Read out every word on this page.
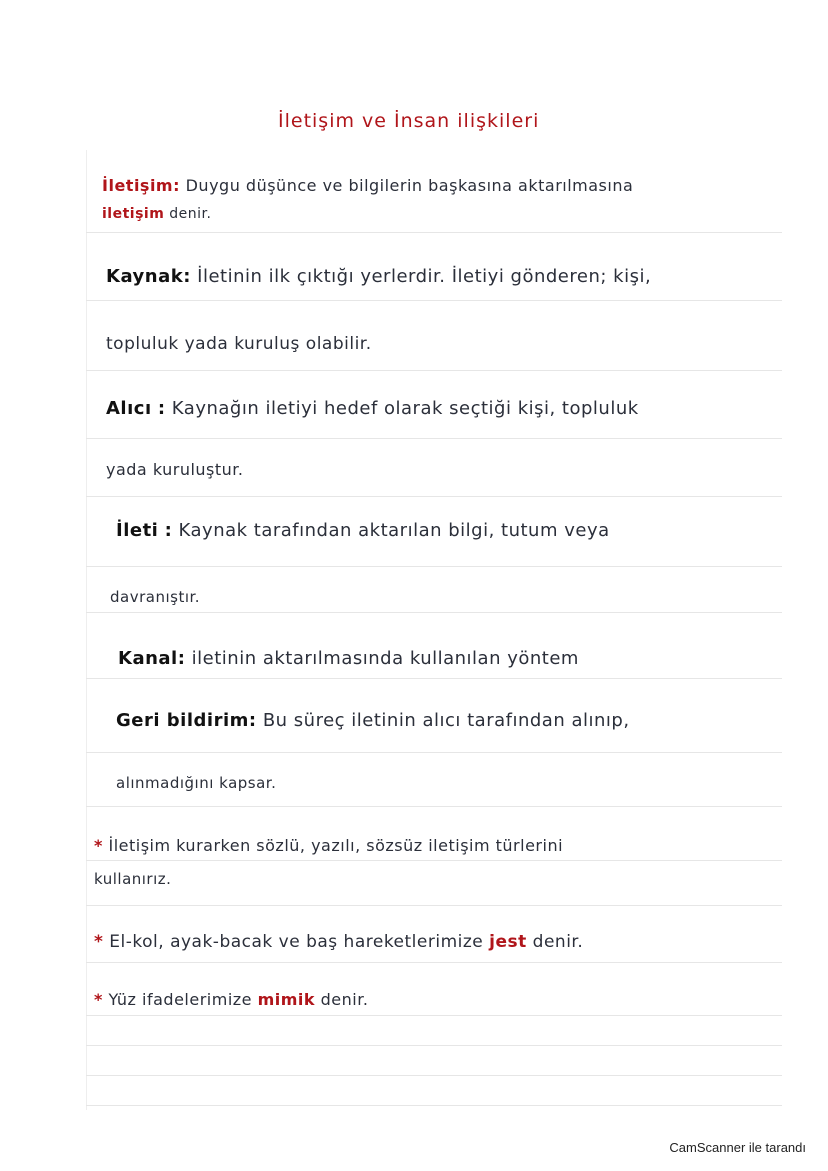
İletişim ve İnsan ilişkileri
İletişim: Duygu düşünce ve bilgilerin başkasına aktarılmasına
iletişim denir.
Kaynak: İletinin ilk çıktığı yerlerdir. İletiyi gönderen; kişi,
topluluk yada kuruluş olabilir.
Alıcı : Kaynağın iletiyi hedef olarak seçtiği kişi, topluluk
yada kuruluştur.
İleti : Kaynak tarafından aktarılan bilgi, tutum veya
davranıştır.
Kanal: iletinin aktarılmasında kullanılan yöntem
Geri bildirim: Bu süreç iletinin alıcı tarafından alınıp,
alınmadığını kapsar.
* İletişim kurarken sözlü, yazılı, sözsüz iletişim türlerini
kullanırız.
* El-kol, ayak-bacak ve baş hareketlerimize jest denir.
* Yüz ifadelerimize mimik denir.
CamScanner ile tarandı
